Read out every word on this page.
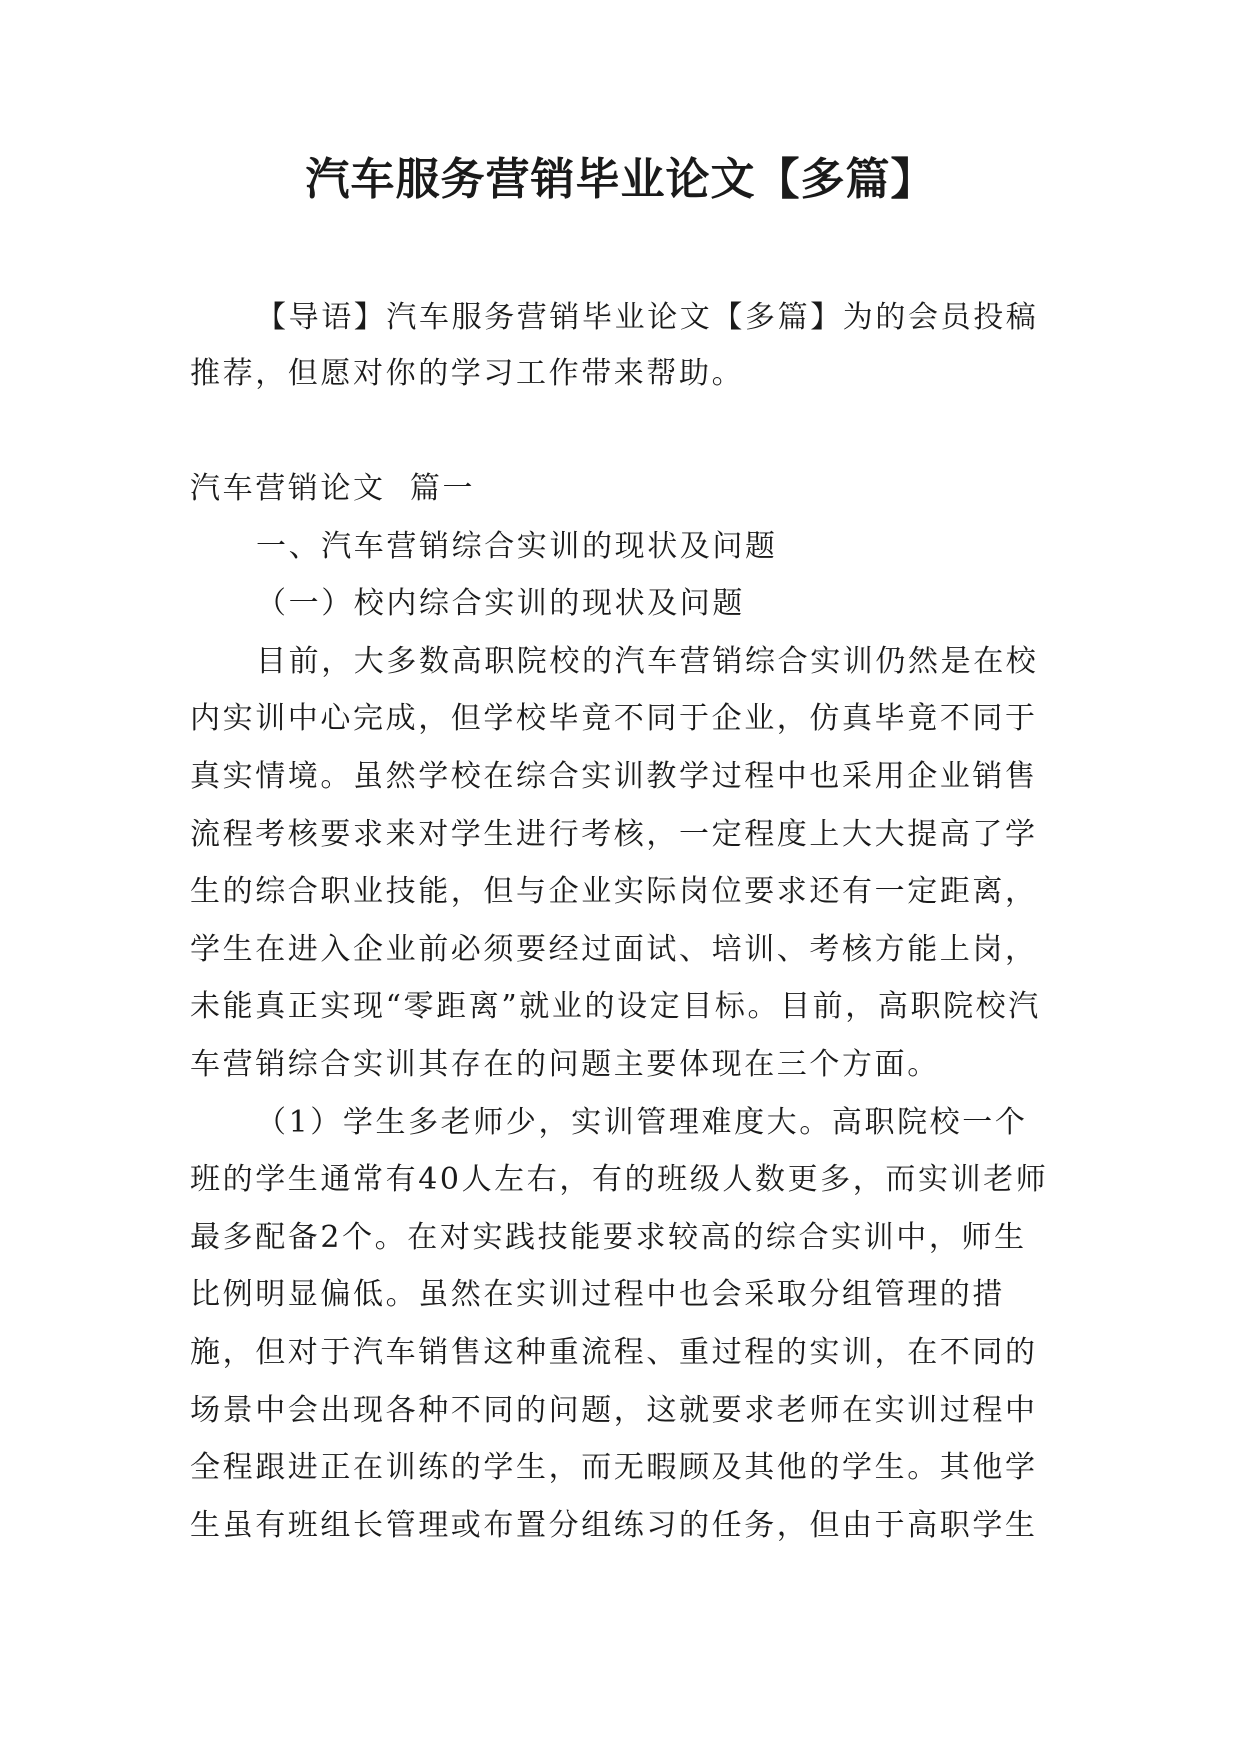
汽车服务营销毕业论文【多篇】

【导语】汽车服务营销毕业论文【多篇】为的会员投稿推荐，但愿对你的学习工作带来帮助。

汽车营销论文  篇一

一、汽车营销综合实训的现状及问题

（一）校内综合实训的现状及问题

目前，大多数高职院校的汽车营销综合实训仍然是在校内实训中心完成，但学校毕竟不同于企业，仿真毕竟不同于真实情境。虽然学校在综合实训教学过程中也采用企业销售流程考核要求来对学生进行考核，一定程度上大大提高了学生的综合职业技能，但与企业实际岗位要求还有一定距离，学生在进入企业前必须要经过面试、培训、考核方能上岗，未能真正实现“零距离”就业的设定目标。目前，高职院校汽车营销综合实训其存在的问题主要体现在三个方面。

（1）学生多老师少，实训管理难度大。高职院校一个班的学生通常有40人左右，有的班级人数更多，而实训老师最多配备2个。在对实践技能要求较高的综合实训中，师生比例明显偏低。虽然在实训过程中也会采取分组管理的措施，但对于汽车销售这种重流程、重过程的实训，在不同的场景中会出现各种不同的问题，这就要求老师在实训过程中全程跟进正在训练的学生，而无暇顾及其他的学生。其他学生虽有班组长管理或布置分组练习的任务，但由于高职学生
